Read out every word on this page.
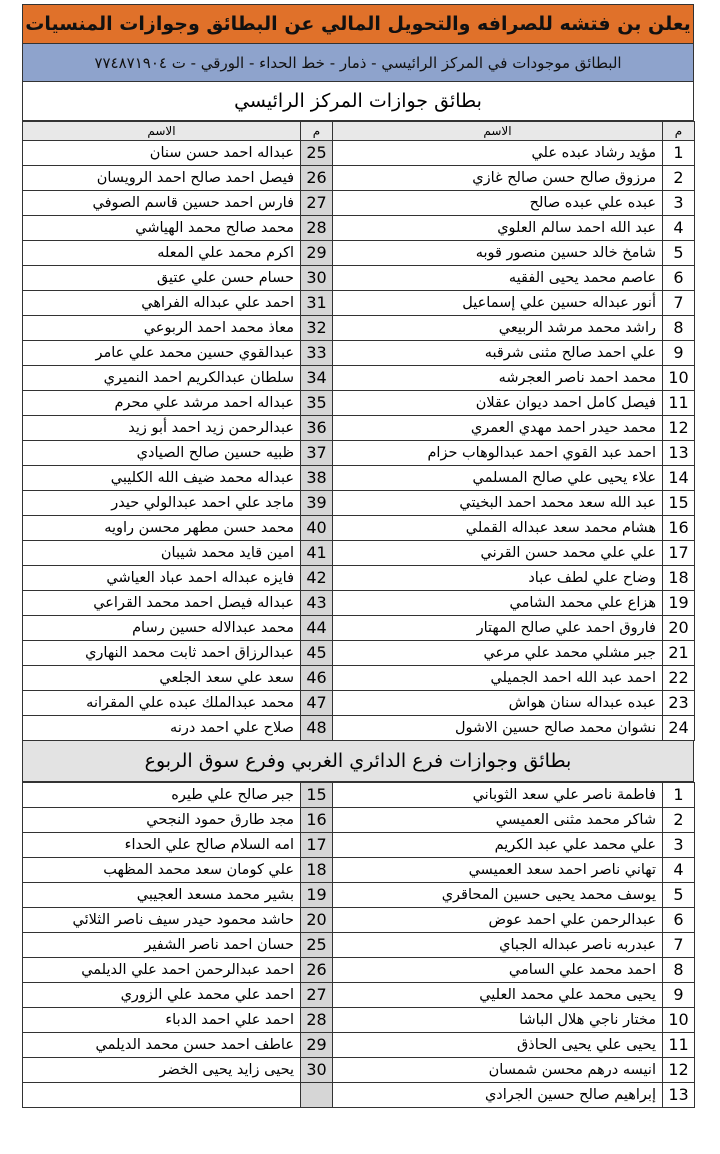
يعلن بن فتشه للصرافه والتحويل المالي عن البطائق وجوازات المنسيات
البطائق موجودات في المركز الرائيسي - ذمار - خط الحداء - الورقي - ت ٧٧٤٨٧١٩٠٤
بطائق جوازات المركز الرائيسي
م	الاسم	م	الاسم
1	مؤيد رشاد عبده علي	25	عبداله احمد حسن سنان
2	مرزوق صالح حسن صالح غازي	26	فيصل احمد صالح احمد الرويسان
3	عبده علي عبده صالح	27	فارس احمد حسين قاسم الصوفي
4	عبد الله احمد سالم العلوي	28	محمد صالح محمد الهياشي
5	شامخ خالد حسين منصور قوبه	29	اكرم محمد علي المعله
6	عاصم محمد يحيى الفقيه	30	حسام حسن علي عتيق
7	أنور عبداله حسين علي إسماعيل	31	احمد علي عبداله الفراهي
8	راشد محمد مرشد الربيعي	32	معاذ محمد احمد الربوعي
9	علي احمد صالح مثنى شرقبه	33	عبدالقوي حسين محمد علي عامر
10	محمد احمد ناصر العجرشه	34	سلطان عبدالكريم احمد النميري
11	فيصل كامل احمد ديوان عقلان	35	عبداله احمد مرشد علي محرم
12	محمد حيدر احمد مهدي العمري	36	عبدالرحمن زيد احمد أبو زيد
13	احمد عبد القوي احمد عبدالوهاب حزام	37	ظبيه حسين صالح الصيادي
14	علاء يحيى علي صالح المسلمي	38	عبداله محمد ضيف الله الكليبي
15	عبد الله سعد محمد احمد البخيتي	39	ماجد علي احمد عبدالولي حيدر
16	هشام محمد سعد عبداله القملي	40	محمد حسن مطهر محسن راويه
17	علي علي محمد حسن القرني	41	امين قايد محمد شيبان
18	وضاح علي لطف عباد	42	فايزه عبداله احمد عباد العياشي
19	هزاع علي محمد الشامي	43	عبداله فيصل احمد محمد القراعي
20	فاروق احمد علي صالح المهتار	44	محمد عبدالاله حسين رسام
21	جبر مشلي محمد علي مرعي	45	عبدالرزاق احمد ثابت محمد النهاري
22	احمد عبد الله احمد الجميلي	46	سعد علي سعد الجلعي
23	عبده عبداله سنان هواش	47	محمد عبدالملك عبده علي المقرانه
24	نشوان محمد صالح حسين الاشول	48	صلاح علي احمد درنه
بطائق وجوازات فرع الدائري الغربي وفرع سوق الربوع
1	فاطمة ناصر علي سعد الثوباني	15	جبر صالح علي طيره
2	شاكر محمد مثنى العميسي	16	مجد طارق حمود النجحي
3	علي محمد علي عبد الكريم	17	امه السلام صالح علي الحداء
4	تهاني ناصر احمد سعد العميسي	18	علي كومان سعد محمد المظهب
5	يوسف محمد يحيى حسين المحاقري	19	بشير محمد مسعد العجيبي
6	عبدالرحمن علي احمد عوض	20	حاشد محمود حيدر سيف ناصر الثلائي
7	عبدربه ناصر عبداله الجباي	25	حسان احمد ناصر الشفير
8	احمد محمد علي السامي	26	احمد عبدالرحمن احمد علي الديلمي
9	يحيى محمد علي محمد العليي	27	احمد علي محمد علي الزوري
10	مختار ناجي هلال الباشا	28	احمد علي احمد الدباء
11	يحيى علي يحيى الحاذق	29	عاطف احمد حسن محمد الديلمي
12	انيسه درهم محسن شمسان	30	يحيى زايد يحيى الخضر
13	إبراهيم صالح حسين الجرادي		
